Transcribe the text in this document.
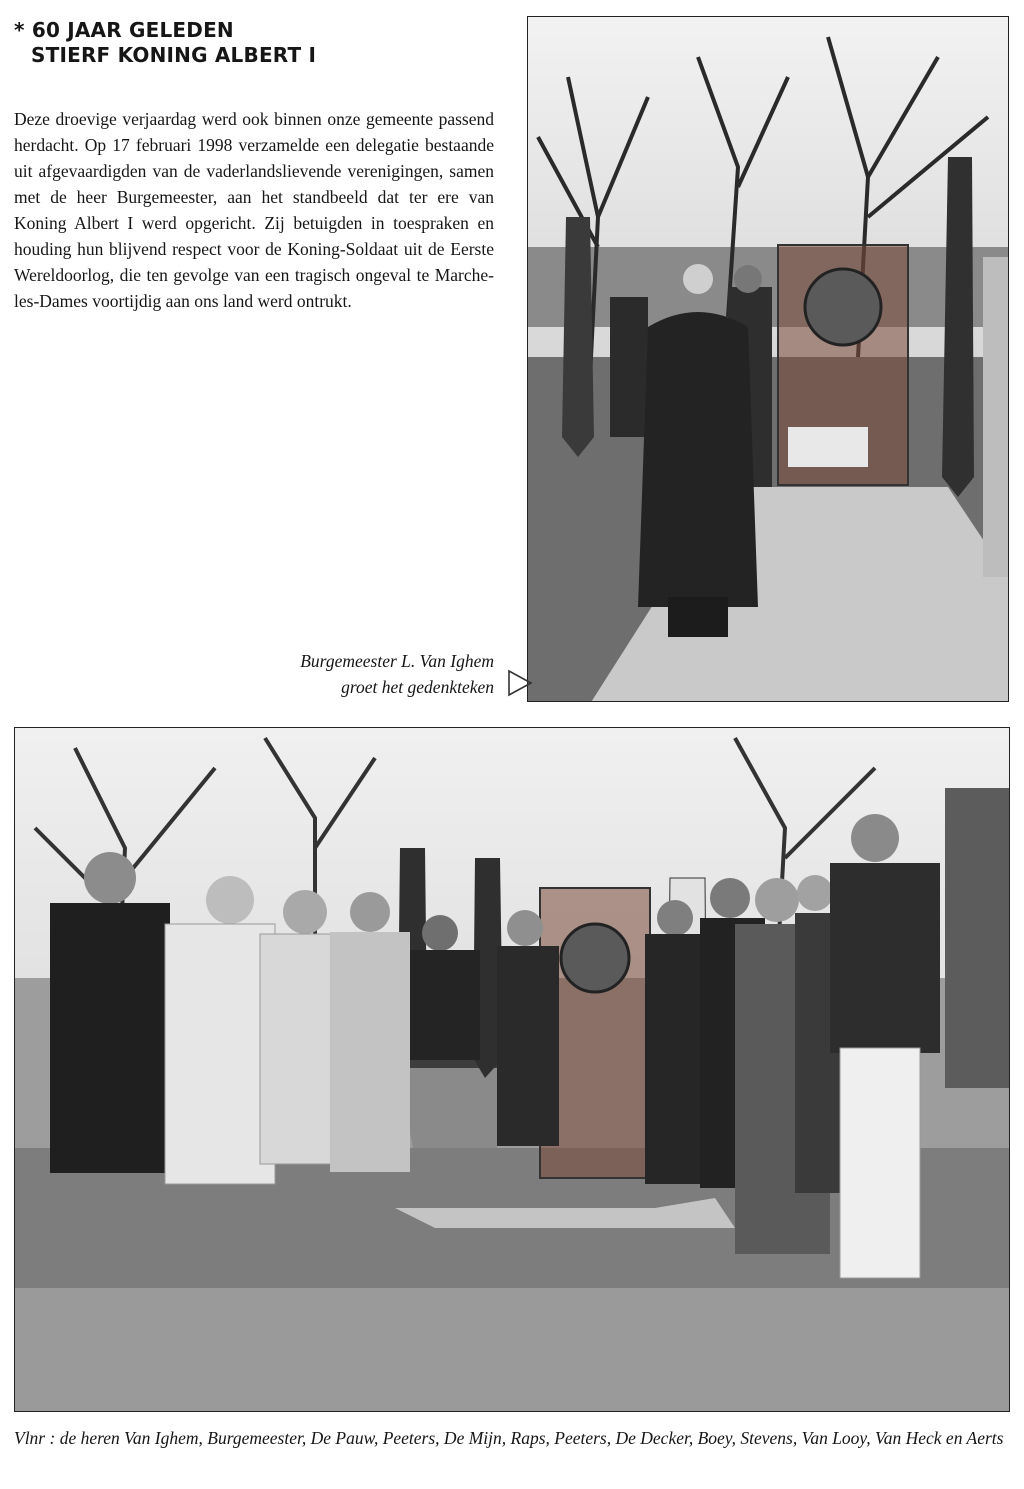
* 60 JAAR GELEDEN
STIERF KONING ALBERT I

Deze droevige verjaardag werd ook binnen onze gemeente passend herdacht. Op 17 februari 1998 verzamelde een delegatie bestaande uit afgevaardigden van de vaderlandslievende verenigingen, samen met de heer Burgemeester, aan het standbeeld dat ter ere van Koning Albert I werd opgericht. Zij betuigden in toespraken en houding hun blijvend respect voor de Koning-Soldaat uit de Eerste Wereldoorlog, die ten gevolge van een tragisch ongeval te Marche-les-Dames voortijdig aan ons land werd ontrukt.

Burgemeester L. Van Ighem
groet het gedenkteken

Vlnr : de heren Van Ighem, Burgemeester, De Pauw, Peeters, De Mijn, Raps, Peeters, De Decker, Boey, Stevens, Van Looy, Van Heck en Aerts
